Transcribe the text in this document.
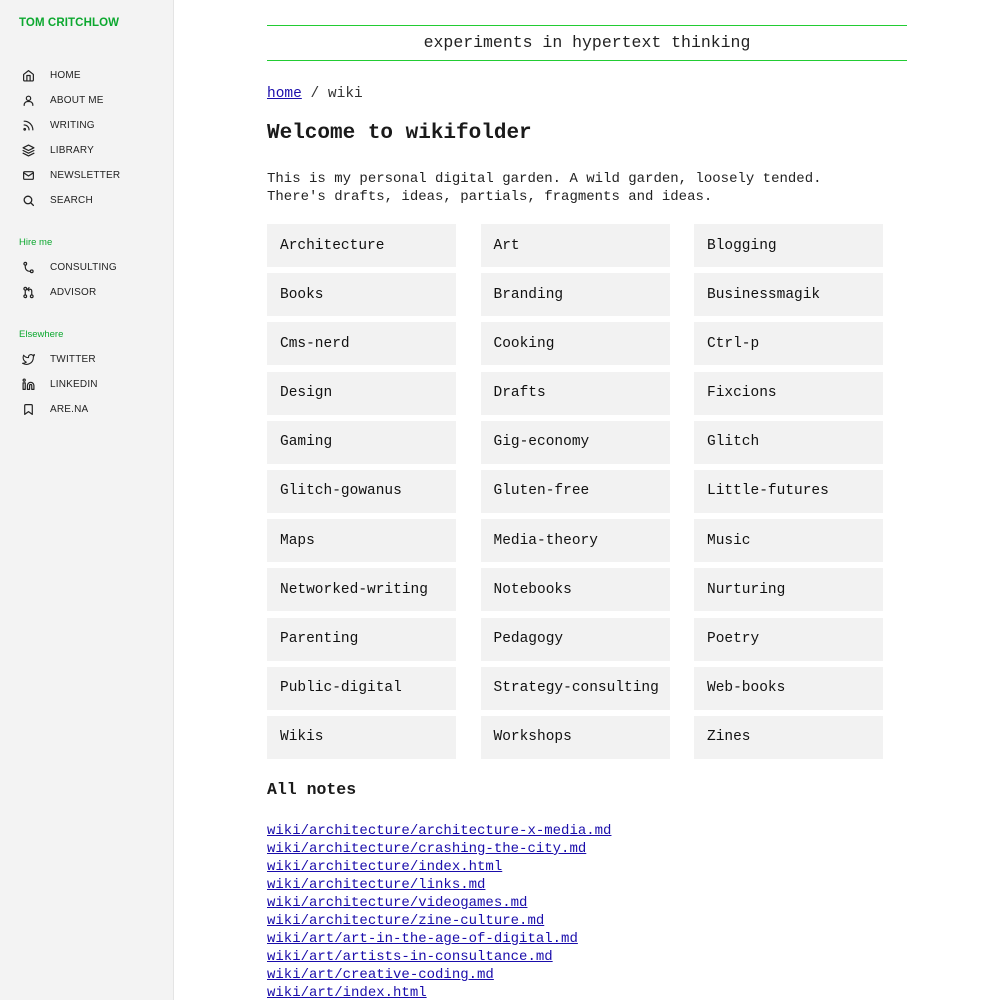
TOM CRITCHLOW
HOME
ABOUT ME
WRITING
LIBRARY
NEWSLETTER
SEARCH
Hire me
CONSULTING
ADVISOR
Elsewhere
TWITTER
LINKEDIN
ARE.NA
experiments in hypertext thinking
home / wiki
Welcome to wikifolder

This is my personal digital garden. A wild garden, loosely tended. There's drafts, ideas, partials, fragments and ideas.

Architecture	Art	Blogging
Books	Branding	Businessmagik
Cms-nerd	Cooking	Ctrl-p
Design	Drafts	Fixcions
Gaming	Gig-economy	Glitch
Glitch-gowanus	Gluten-free	Little-futures
Maps	Media-theory	Music
Networked-writing	Notebooks	Nurturing
Parenting	Pedagogy	Poetry
Public-digital	Strategy-consulting	Web-books
Wikis	Workshops	Zines
All notes
wiki/architecture/architecture-x-media.md
wiki/architecture/crashing-the-city.md
wiki/architecture/index.html
wiki/architecture/links.md
wiki/architecture/videogames.md
wiki/architecture/zine-culture.md
wiki/art/art-in-the-age-of-digital.md
wiki/art/artists-in-consultance.md
wiki/art/creative-coding.md
wiki/art/index.html
